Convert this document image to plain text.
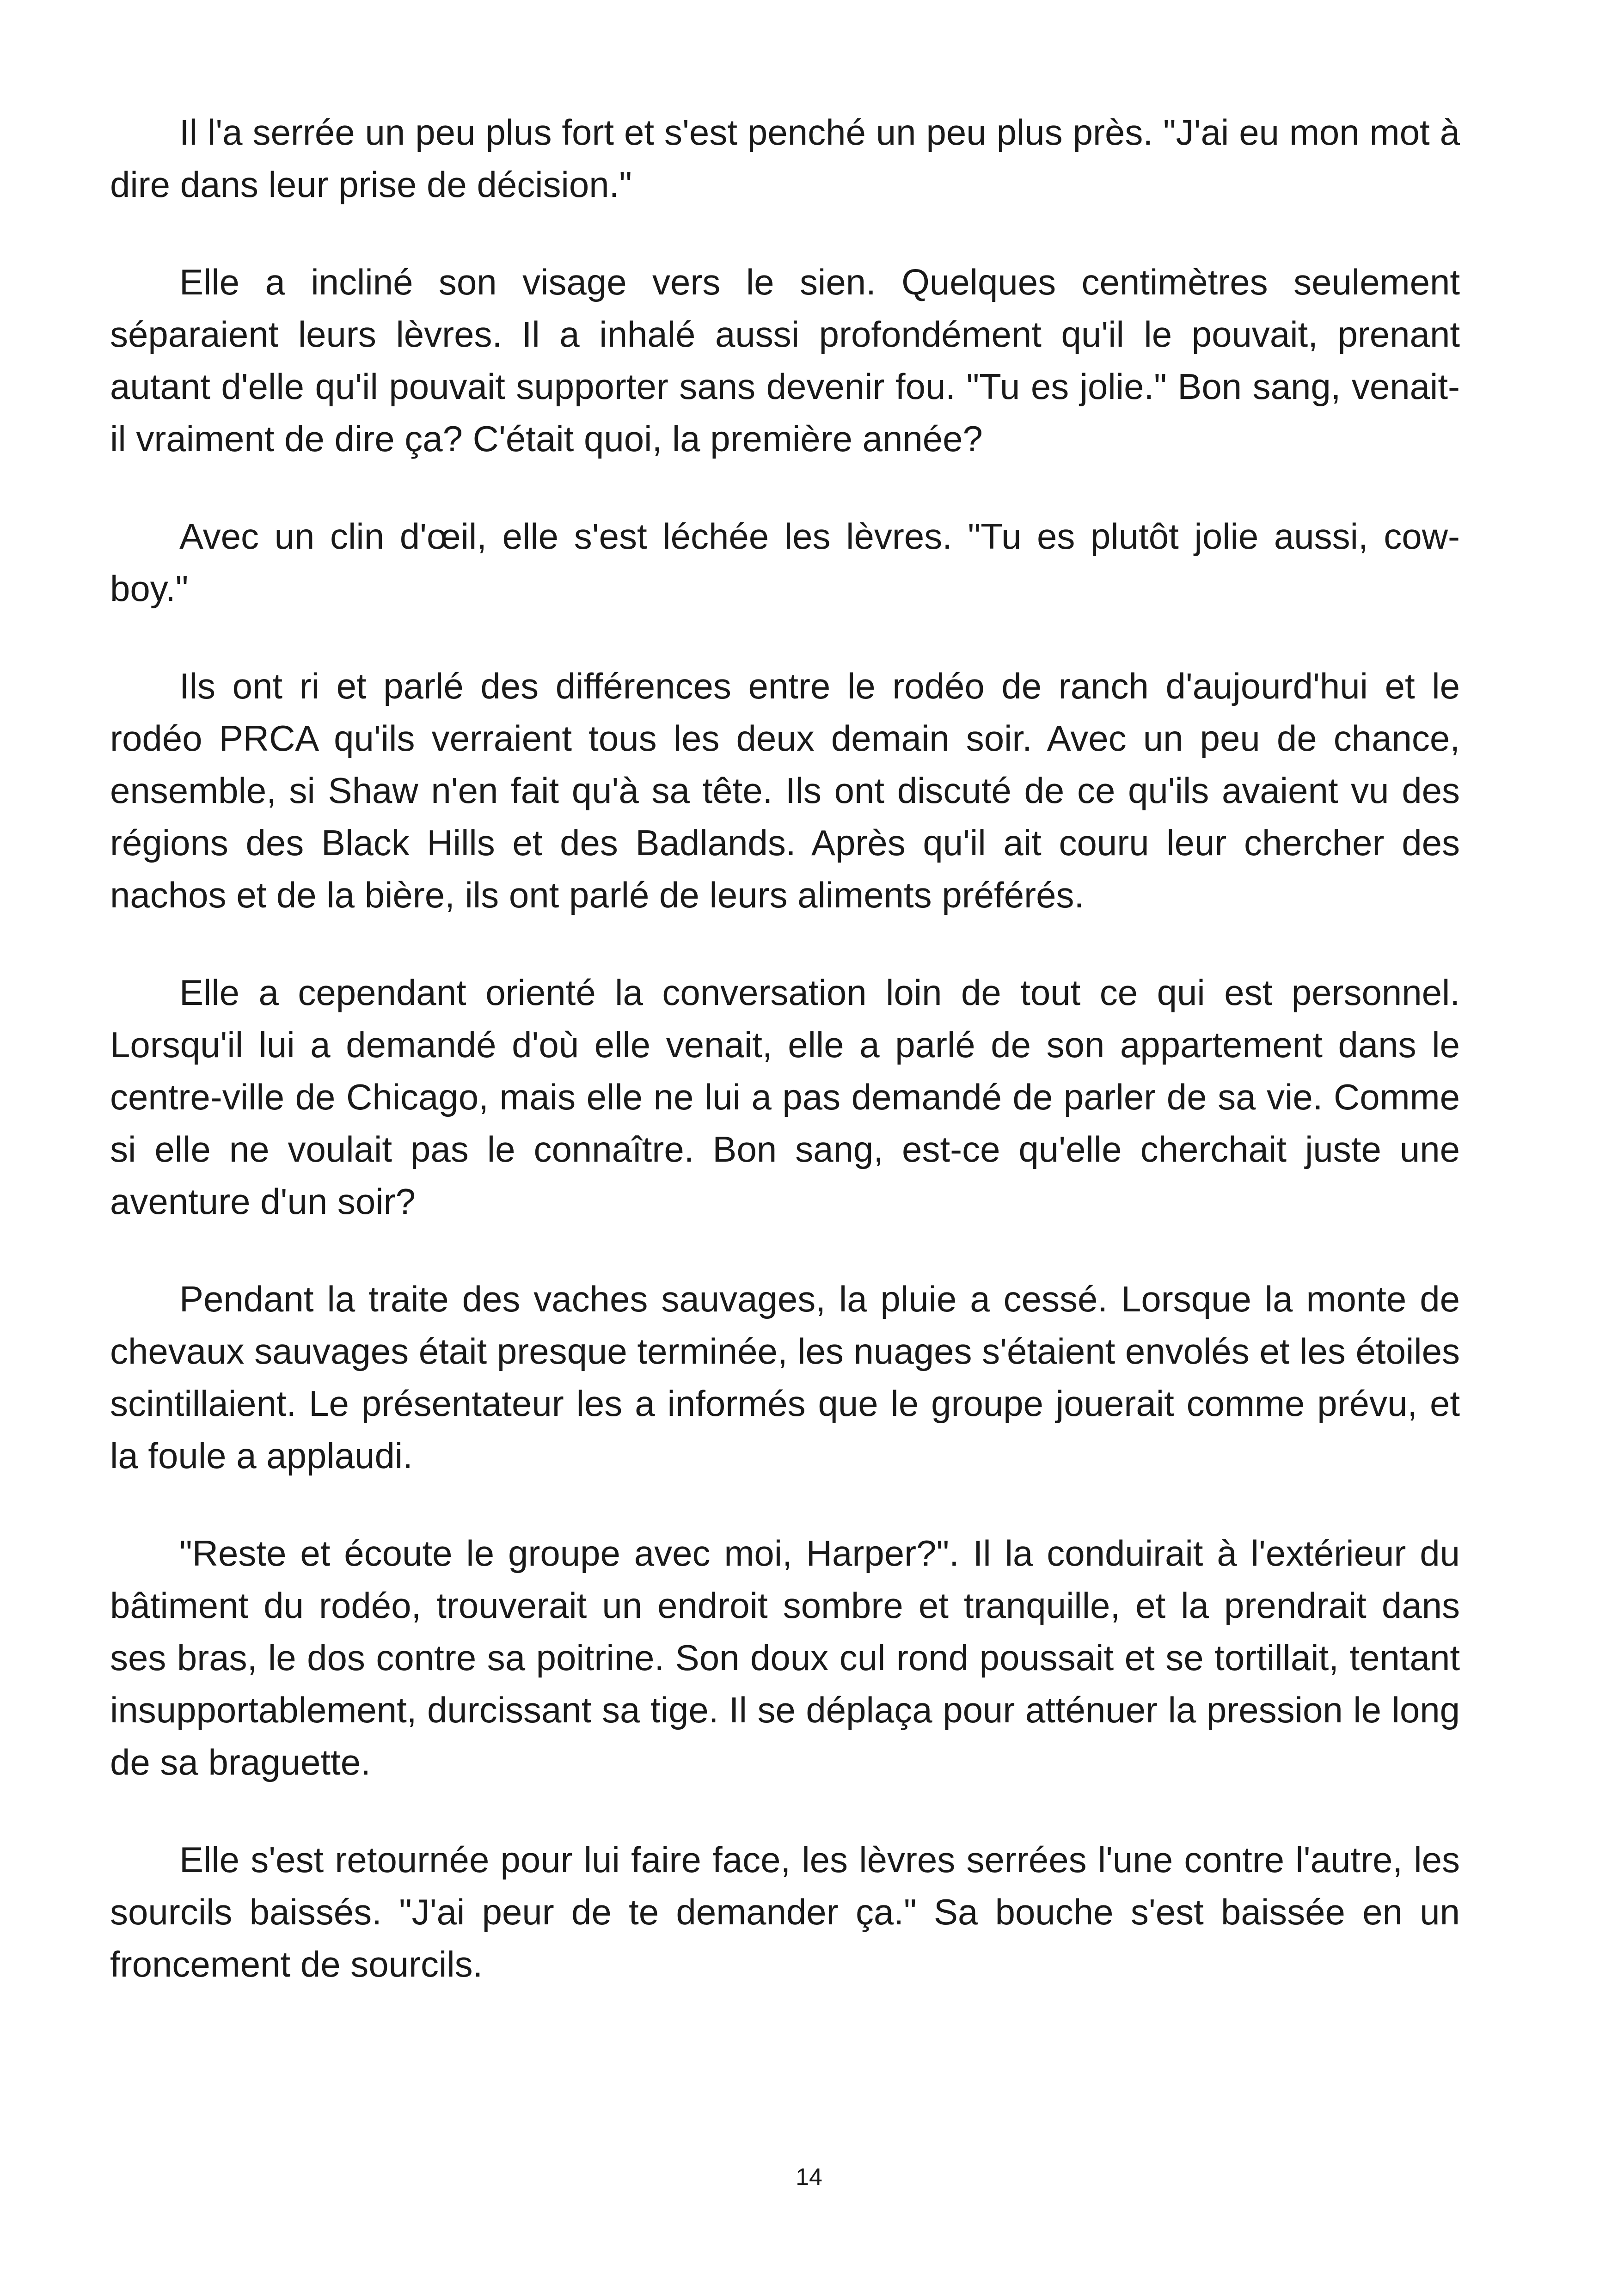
Il l'a serrée un peu plus fort et s'est penché un peu plus près. "J'ai eu mon mot à dire dans leur prise de décision."

Elle a incliné son visage vers le sien. Quelques centimètres seulement séparaient leurs lèvres. Il a inhalé aussi profondément qu'il le pouvait, prenant autant d'elle qu'il pouvait supporter sans devenir fou. "Tu es jolie." Bon sang, venait-il vraiment de dire ça? C'était quoi, la première année?

Avec un clin d'œil, elle s'est léchée les lèvres. "Tu es plutôt jolie aussi, cow-boy."

Ils ont ri et parlé des différences entre le rodéo de ranch d'aujourd'hui et le rodéo PRCA qu'ils verraient tous les deux demain soir. Avec un peu de chance, ensemble, si Shaw n'en fait qu'à sa tête. Ils ont discuté de ce qu'ils avaient vu des régions des Black Hills et des Badlands. Après qu'il ait couru leur chercher des nachos et de la bière, ils ont parlé de leurs aliments préférés.

Elle a cependant orienté la conversation loin de tout ce qui est personnel. Lorsqu'il lui a demandé d'où elle venait, elle a parlé de son appartement dans le centre-ville de Chicago, mais elle ne lui a pas demandé de parler de sa vie. Comme si elle ne voulait pas le connaître. Bon sang, est-ce qu'elle cherchait juste une aventure d'un soir?

Pendant la traite des vaches sauvages, la pluie a cessé. Lorsque la monte de chevaux sauvages était presque terminée, les nuages s'étaient envolés et les étoiles scintillaient. Le présentateur les a informés que le groupe jouerait comme prévu, et la foule a applaudi.

"Reste et écoute le groupe avec moi, Harper?". Il la conduirait à l'extérieur du bâtiment du rodéo, trouverait un endroit sombre et tranquille, et la prendrait dans ses bras, le dos contre sa poitrine. Son doux cul rond poussait et se tortillait, tentant insupportablement, durcissant sa tige. Il se déplaça pour atténuer la pression le long de sa braguette.

Elle s'est retournée pour lui faire face, les lèvres serrées l'une contre l'autre, les sourcils baissés. "J'ai peur de te demander ça." Sa bouche s'est baissée en un froncement de sourcils.

14
